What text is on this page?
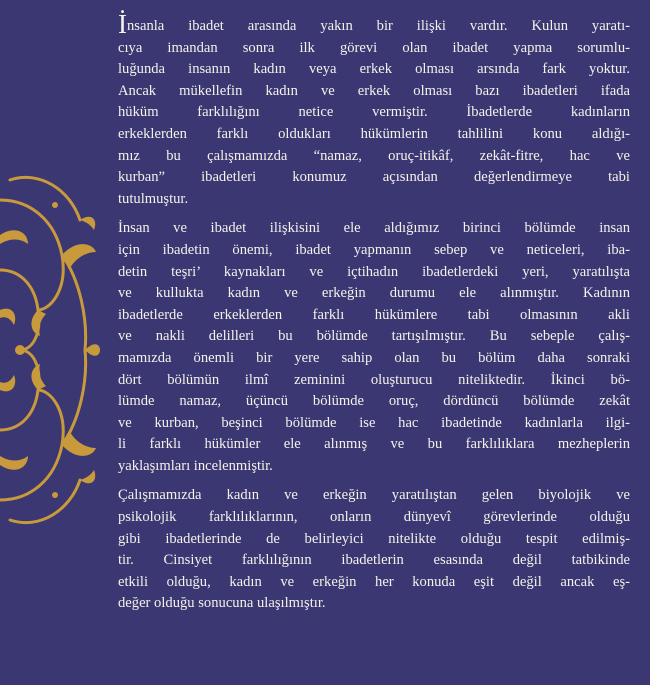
İnsanla ibadet arasında yakın bir ilişki vardır. Kulun yaratı-
cıya imandan sonra ilk görevi olan ibadet yapma sorumlu-
luğunda insanın kadın veya erkek olması arsında fark yoktur.
Ancak mükellefin kadın ve erkek olması bazı ibadetleri ifada
hüküm farklılığını netice vermiştir. İbadetlerde kadınların
erkeklerden farklı oldukları hükümlerin tahlilini konu aldığı-
mız bu çalışmamızda “namaz, oruç-itikâf, zekât-fitre, hac ve
kurban” ibadetleri konumuz açısından değerlendirmeye tabi
tutulmuştur.
İnsan ve ibadet ilişkisini ele aldığımız birinci bölümde insan
için ibadetin önemi, ibadet yapmanın sebep ve neticeleri, iba-
detin teşri’ kaynakları ve içtihadın ibadetlerdeki yeri, yaratılışta
ve kullukta kadın ve erkeğin durumu ele alınmıştır. Kadının
ibadetlerde erkeklerden farklı hükümlere tabi olmasının akli
ve nakli delilleri bu bölümde tartışılmıştır. Bu sebeple çalış-
mamızda önemli bir yere sahip olan bu bölüm daha sonraki
dört bölümün ilmî zeminini oluşturucu niteliktedir. İkinci bö-
lümde namaz, üçüncü bölümde oruç, dördüncü bölümde zekât
ve kurban, beşinci bölümde ise hac ibadetinde kadınlarla ilgi-
li farklı hükümler ele alınmış ve bu farklılıklara mezheplerin
yaklaşımları incelenmiştir.
Çalışmamızda kadın ve erkeğin yaratılıştan gelen biyolojik ve
psikolojik farklılıklarının, onların dünyevî görevlerinde olduğu
gibi ibadetlerinde de belirleyici nitelikte olduğu tespit edilmiş-
tir. Cinsiyet farklılığının ibadetlerin esasında değil tatbikinde
etkili olduğu, kadın ve erkeğin her konuda eşit değil ancak eş-
değer olduğu sonucuna ulaşılmıştır.
